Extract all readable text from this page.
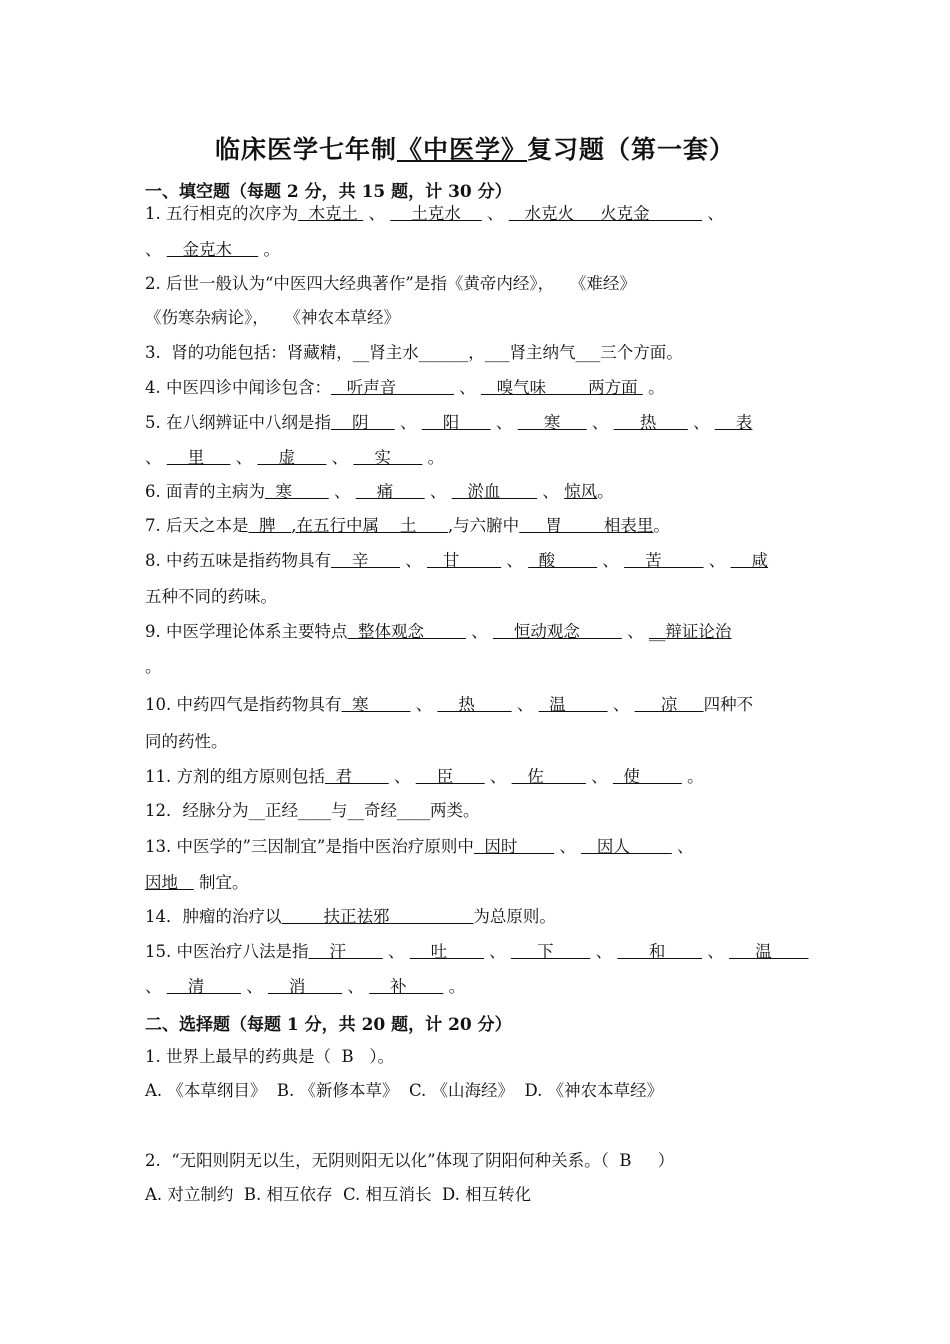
临床医学七年制《中医学》复习题（第一套）
一、填空题（每题 2 分，共 15 题，计 30 分）
1. 五行相克的次序为  木克土  、     土克水     、    水克火     火克金           、
、    金克木      。
2. 后世一般认为“中医四大经典著作”是指《黄帝内经》，   《难经》
《伤寒杂病论》，   《神农本草经》
3.  肾的功能包括：肾藏精，__肾主水______，___肾主纳气___三个方面。
4. 中医四诊中闻诊包含：   听声音            、    嗅气味        两方面  。
5. 在八纲辨证中八纲是指    阴      、     阳       、      寒      、      热       、     表
、     里      、     虚       、     实       。
6. 面青的主病为  寒        、     痛       、    淤血        、 惊风。
7. 后天之本是  脾   ,在五行中属    土      ,与六腑中     胃        相表里。
8. 中药五味是指药物具有    辛       、    甘         、   酸         、     苦         、     咸
五种不同的药味。
9. 中医学理论体系主要特点  整体观念         、     恒动观念         、 __辩证论治
。
10. 中药四气是指药物具有  寒         、     热        、   温         、      凉     四种不
同的药性。
11. 方剂的组方原则包括  君        、     臣       、    佐         、   使         。
12．经脉分为__正经____与__奇经____两类。
13. 中医学的”三因制宜”是指中医治疗原则中  因时        、    因人         、
因地    制宜。
14．肿瘤的治疗以        扶正祛邪                为总原则。
15. 中医治疗八法是指    汗        、     吐        、      下        、       和        、      温
、     清        、     消        、     补        。
二、选择题（每题 1 分，共 20 题，计 20 分）
1. 世界上最早的药典是（  B   ）。
A. 《本草纲目》  B. 《新修本草》  C. 《山海经》  D. 《神农本草经》
2.  “无阳则阴无以生，无阴则阳无以化”体现了阴阳何种关系。（  B     ）
A. 对立制约  B. 相互依存  C. 相互消长  D. 相互转化
